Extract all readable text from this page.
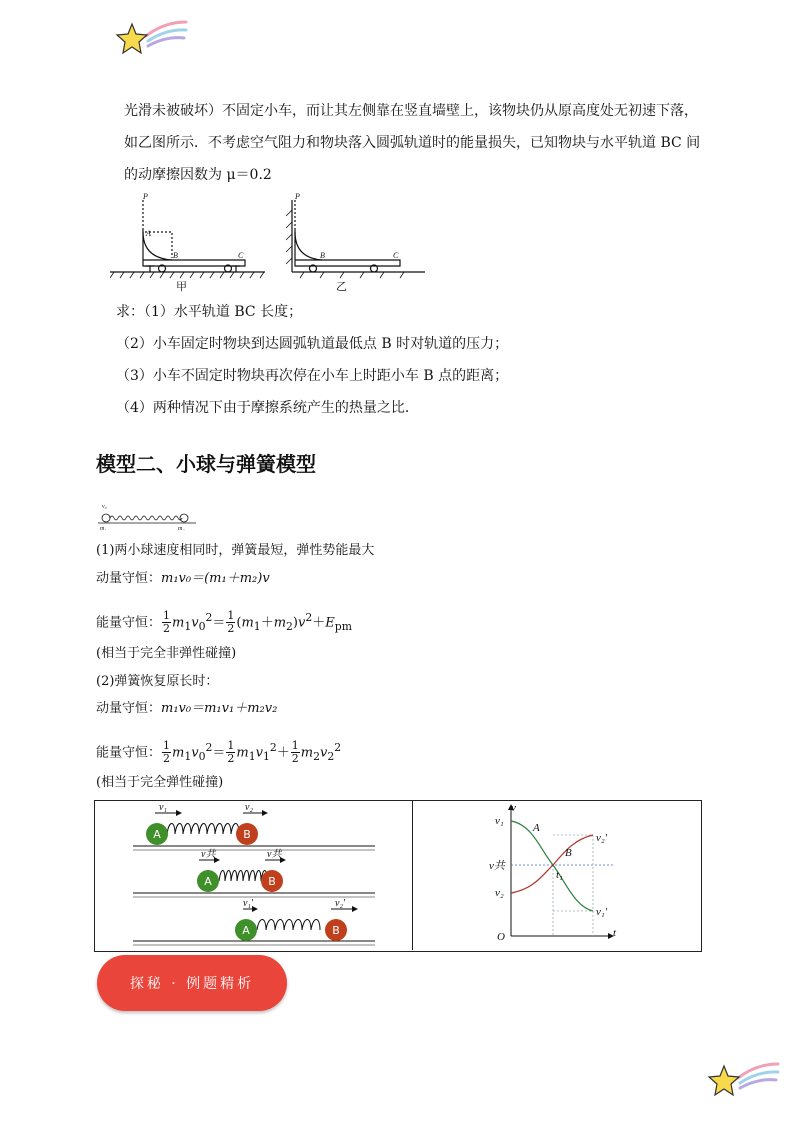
光滑未被破坏）不固定小车，而让其左侧靠在竖直墙壁上，该物块仍从原高度处无初速下落，
如乙图所示．不考虑空气阻力和物块落入圆弧轨道时的能量损失，已知物块与水平轨道 BC 间
的动摩擦因数为 μ＝0.2
P
A
B	C
P
B	C
甲	乙
求：（1）水平轨道 BC 长度；
（2）小车固定时物块到达圆弧轨道最低点 B 时对轨道的压力；
（3）小车不固定时物块再次停在小车上时距小车 B 点的距离；
（4）两种情况下由于摩擦系统产生的热量之比．
模型二、小球与弹簧模型
v₀
m₁	m₂
(1)两小球速度相同时，弹簧最短，弹性势能最大
动量守恒：m₁v₀＝(m₁＋m₂)v
能量守恒： $\frac{1}{2} m_1v_0^2= \frac{1}{2} (m_1+m_2)v^2+E_{pm}$
(相当于完全非弹性碰撞)
(2)弹簧恢复原长时：
动量守恒：m₁v₀＝m₁v₁＋m₂v₂
能量守恒： $\frac{1}{2} m_1v_0^2= \frac{1}{2} m_1v_1^2+ \frac{1}{2} m_2v_2^2$
(相当于完全弹性碰撞)
A	B
A	B
A	B
v₁	v₂
v共	v共
v₁′	v₂′
v
t
O
v₁
v共
v₂
v₂′
v₁′
A
B
t₁
探秘 · 例题精析
